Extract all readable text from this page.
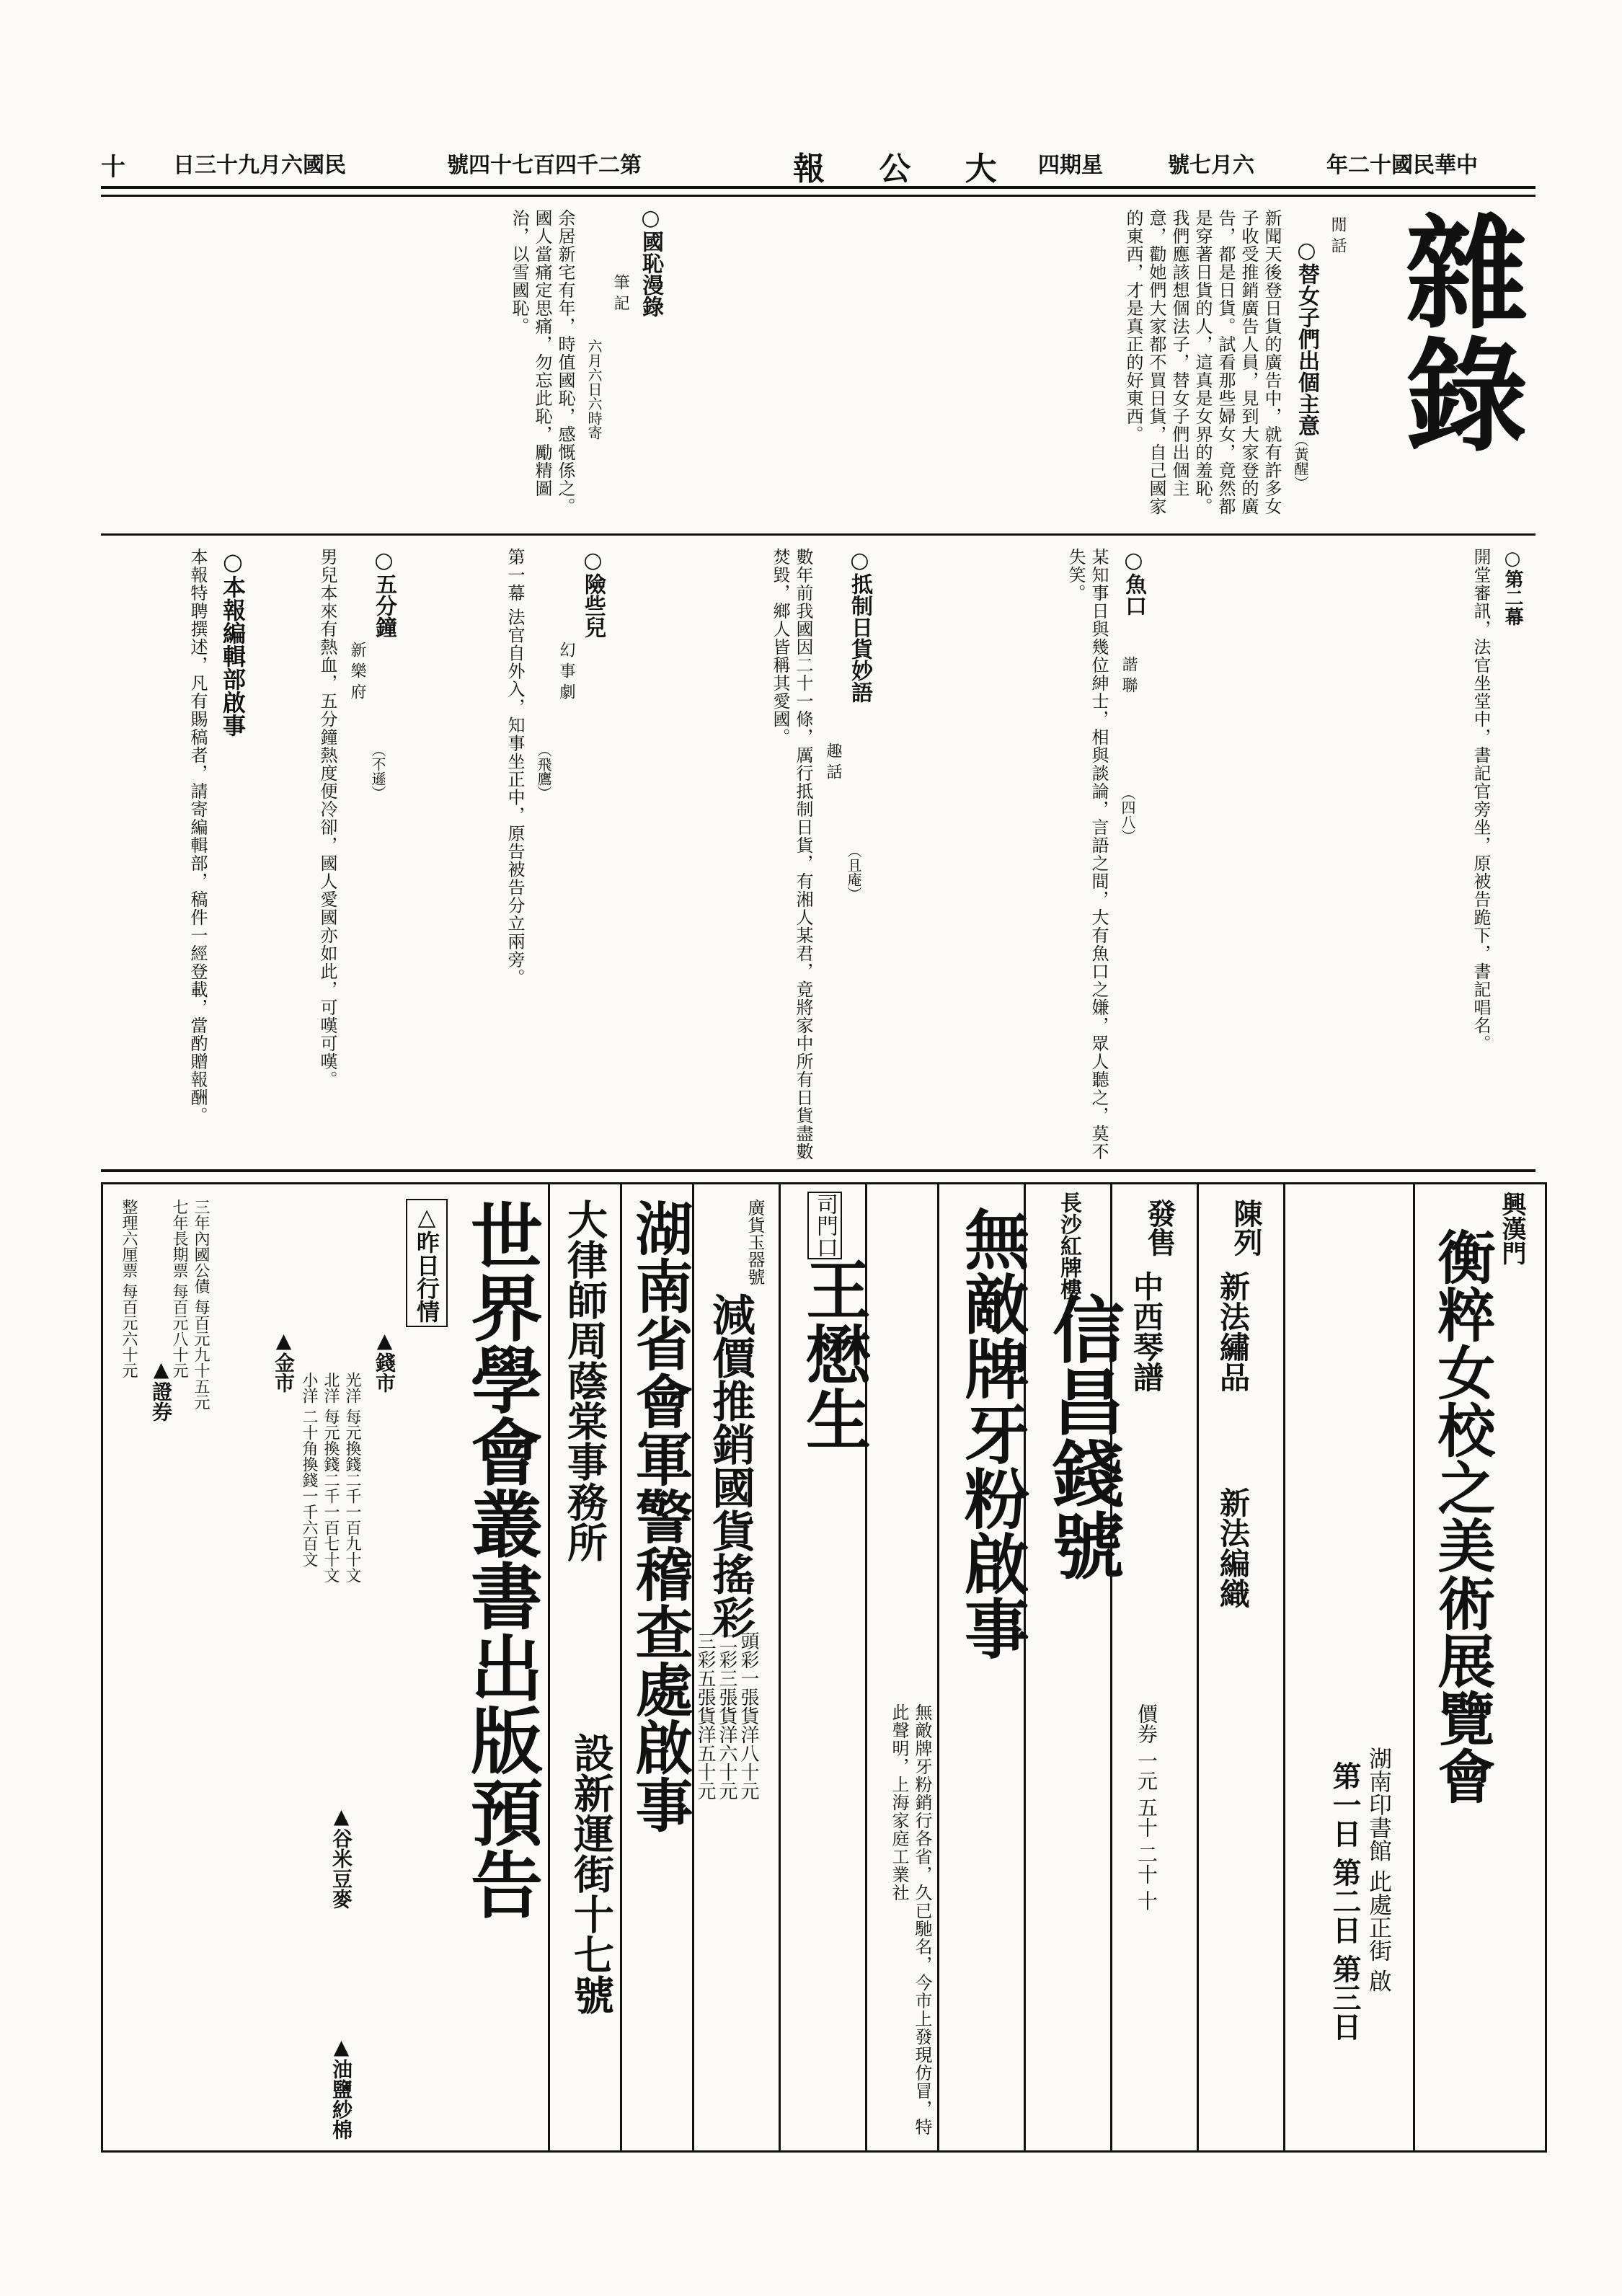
十 日三十九月六國民	號四十七百四千二第	報 公 大 四期星	號七月六	年二十國民華中
雜錄
閒 話
○替女子們出個主意
（黃醒）
新聞天後登日貨的廣告中，就有許多女子收受推銷廣告人員，見到大家登的廣告，都是日貨。試看那些婦女，竟然都是穿著日貨的人，這真是女界的羞恥。我們應該想個法子，替女子們出個主意，勸她們大家都不買日貨，自己國家的東西，才是真正的好東西。
○國恥漫錄
筆 記
六月六日六時寄
余居新宅有年，時值國恥，感慨係之。國人當痛定思痛，勿忘此恥，勵精圖治，以雪國恥。
○第二幕
開堂審訊，法官坐堂中，書記官旁坐，原被告跪下，書記唱名。
○魚口
諧 聯
（四八）
某知事日與幾位紳士，相與談論，言語之間，大有魚口之嫌，眾人聽之，莫不失笑。
○抵制日貨妙語
趣 話
（且庵）
數年前我國因二十一條，厲行抵制日貨，有湘人某君，竟將家中所有日貨盡數焚毀，鄉人皆稱其愛國。
○險些兒
幻 事 劇
（飛鷹）
第一幕 法官自外入，知事坐正中，原告被告分立兩旁。
○五分鐘
新 樂 府
（不遜）
男兒本來有熱血，五分鐘熱度便冷卻，國人愛國亦如此，可嘆可嘆。
○本報編輯部啟事
本報特聘撰述，凡有賜稿者，請寄編輯部，稿件一經登載，當酌贈報酬。
興漢門
衡粹女校之美術展覽會
第一日 第二日 第三日 湖南印書館 此處正街 啟
陳列
新法繡品
新法編織
發售
中西琴譜
價券 一元 五十 二十 十
長沙紅牌樓
信昌錢號
無敵牌牙粉啟事
無敵牌牙粉銷行各省，久已馳名，今市上發現仿冒，特此聲明，上海家庭工業社
司門口
王懋生
減價推銷國貨搖彩
廣貨玉器號
頭彩一張貨洋八十元
二彩三張貨洋六十元
三彩五張貨洋五十元
湖南省會軍警稽查處啟事
大律師周蔭棠事務所
設新運街十七號
世界學會叢書出版預告
△昨日行情
▲錢市
光洋 每元換錢二千一百九十文
北洋 每元換錢二千一百七十文
小洋 二十角換錢一千六百文
▲金市
▲證券 三年內國公債 每百元九十五元
七年長期票 每百元八十元
整理六厘票 每百元六十元
▲谷米豆麥
▲油鹽紗棉
